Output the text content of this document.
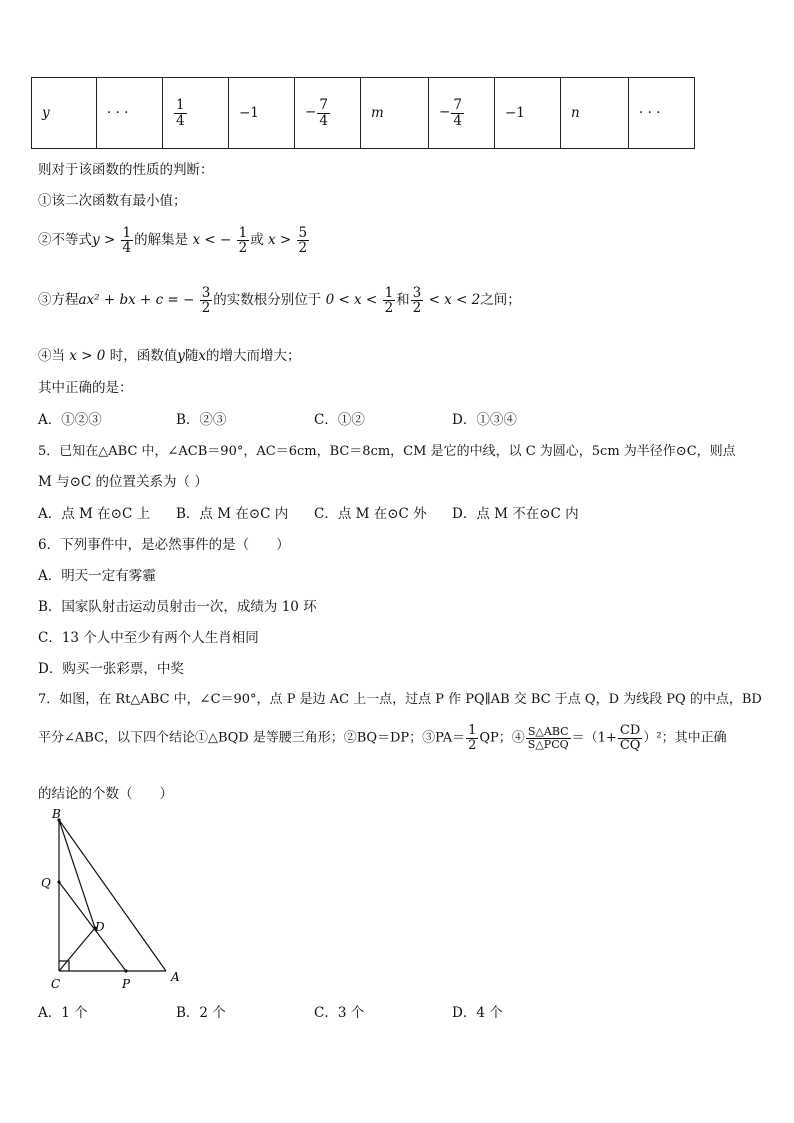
y	· · ·	$\frac{1}{4}$	−1	− $\frac{7}{4}$	m	− $\frac{7}{4}$	−1	n	· · ·
则对于该函数的性质的判断：
①该二次函数有最小值；
②不等式$y > \frac{1}{4}$ 的解集是 x < − $\frac{1}{2}$ 或 $x > \frac{5}{2}$
③方程ax² + bx + c = − $\frac{3}{2}$ 的实数根分别位于 $0 < x < \frac{1}{2}$ 和 $\frac{3}{2} < x < 2$之间；
④当 x > 0 时，函数值y随x的增大而增大；
其中正确的是：
A．①②③	B．②③	C．①②	D．①③④
5．已知在△ABC 中，∠ACB＝90°，AC＝6cm，BC＝8cm，CM 是它的中线，以 C 为圆心，5cm 为半径作⊙C，则点
M 与⊙C 的位置关系为（ ）
A．点 M 在⊙C 上 B．点 M 在⊙C 内 C．点 M 在⊙C 外 D．点 M 不在⊙C 内
6．下列事件中，是必然事件的是（　　）
A．明天一定有雾霾
B．国家队射击运动员射击一次，成绩为 10 环
C．13 个人中至少有两个人生肖相同
D．购买一张彩票，中奖
7．如图，在 Rt△ABC 中，∠C＝90°，点 P 是边 AC 上一点，过点 P 作 PQ∥AB 交 BC 于点 Q，D 为线段 PQ 的中点，BD
平分∠ABC，以下四个结论①△BQD 是等腰三角形；②BQ＝DP；③PA＝ $\frac{1}{2}$ QP；④ $\frac{\text{S△ABC}}{\text{S△PCQ}} =(1+ \frac{CD}{CQ} )^2$；其中正确
的结论的个数（　　）
B
Q
D
C	P	A
A．1 个	B．2 个	C．3 个	D．4 个
